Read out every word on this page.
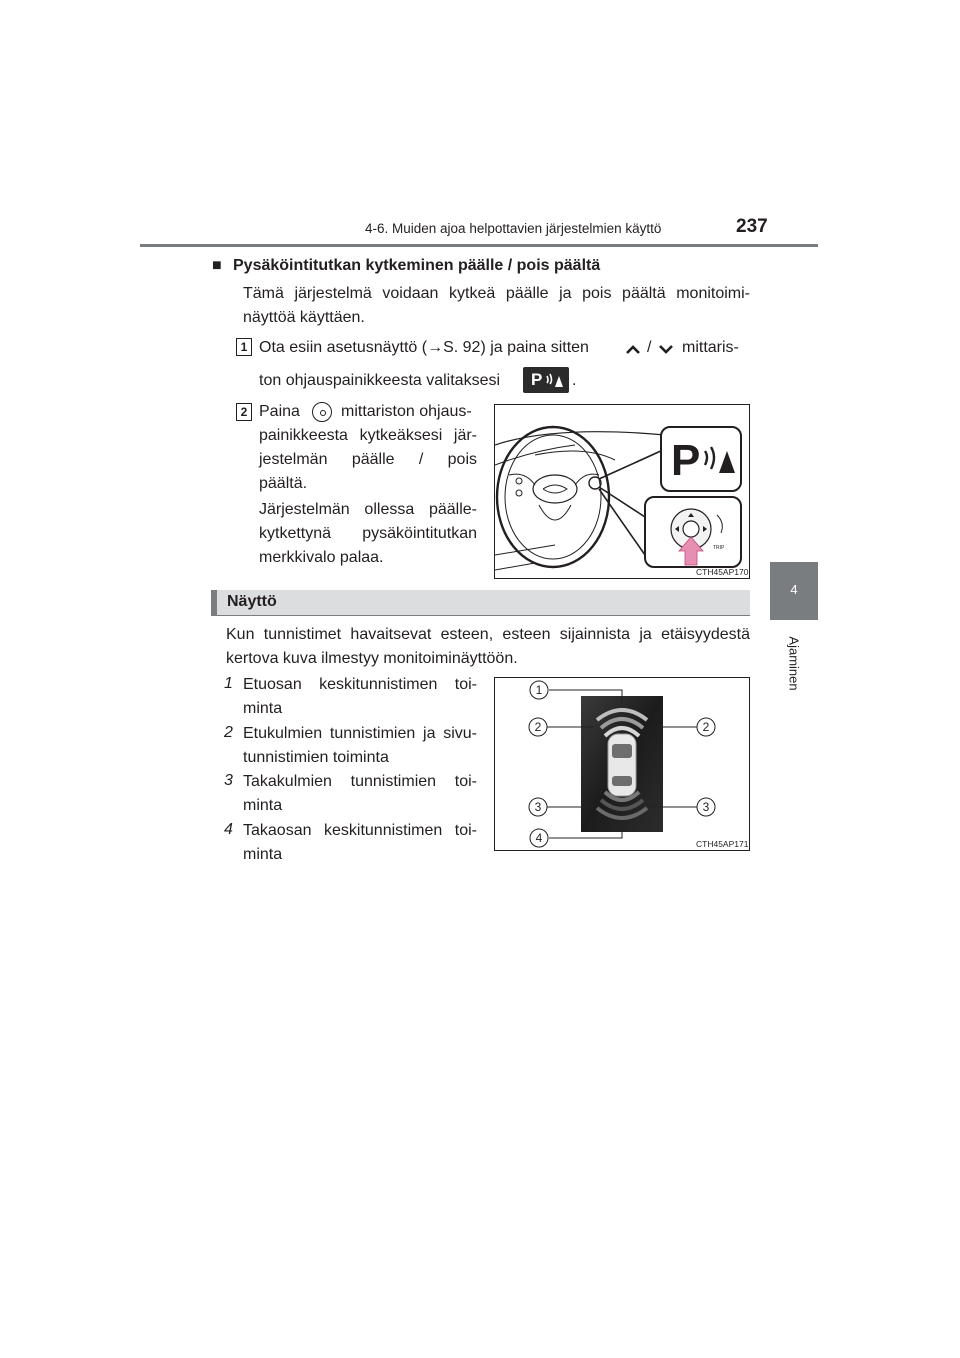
4-6. Muiden ajoa helpottavien järjestelmien käyttö	237
4
Ajaminen
■ Pysäköintitutkan kytkeminen päälle / pois päältä
Tämä järjestelmä voidaan kytkeä päälle ja pois päältä monitoimi-
näyttöä käyttäen.
1 Ota esiin asetusnäyttö (→S. 92) ja paina sitten	/ mittaris-
ton ohjauspainikkeesta valitaksesi	P	.
2 Paina	mittariston ohjaus-
painikkeesta kytkeäksesi jär-
jestelmän päälle / pois
päältä.
Järjestelmän ollessa päälle-
kytkettynä pysäköintitutkan
merkkivalo palaa.
P
TRIP
CTH45AP170
Näyttö
Kun tunnistimet havaitsevat esteen, esteen sijainnista ja etäisyydestä
kertova kuva ilmestyy monitoiminäyttöön.
1 Etuosan keskitunnistimen toi-
minta
2 Etukulmien tunnistimien ja sivu-
tunnistimien toiminta
3 Takakulmien tunnistimien toi-
minta
4 Takaosan keskitunnistimen toi-
minta
1
2	2
3	3
4	CTH45AP171
